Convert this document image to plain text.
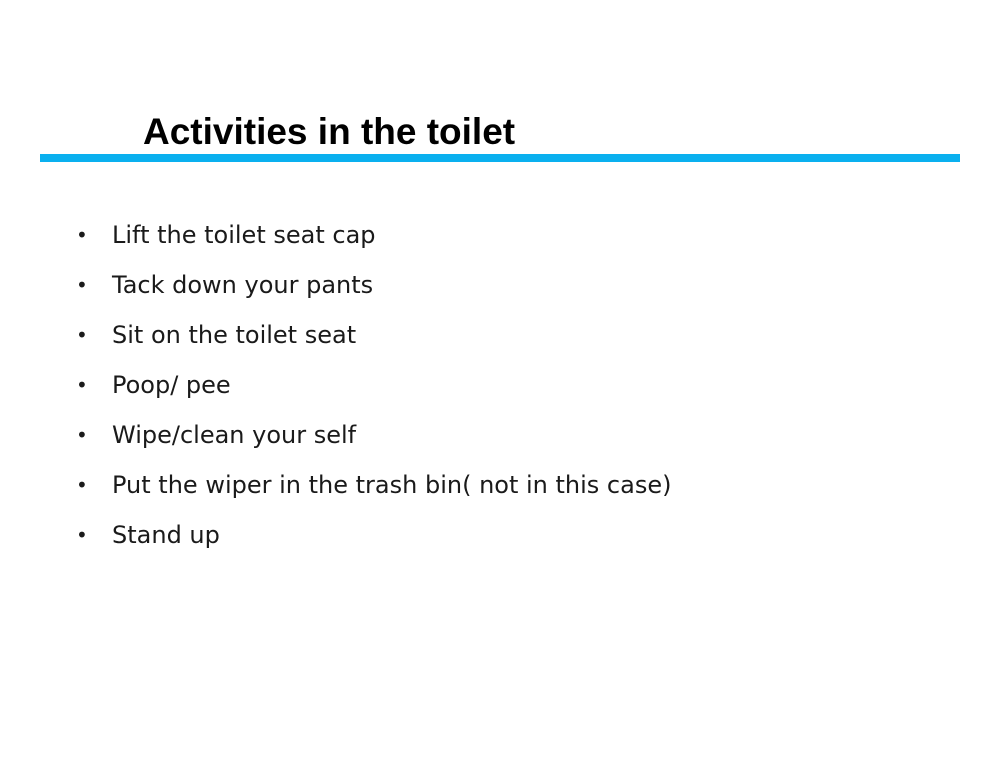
Activities in the toilet
•	Lift the toilet seat cap
•	Tack down your pants
•	Sit on the toilet seat
•	Poop/ pee
•	Wipe/clean your self
•	Put the wiper in the trash bin( not in this case)
•	Stand up
